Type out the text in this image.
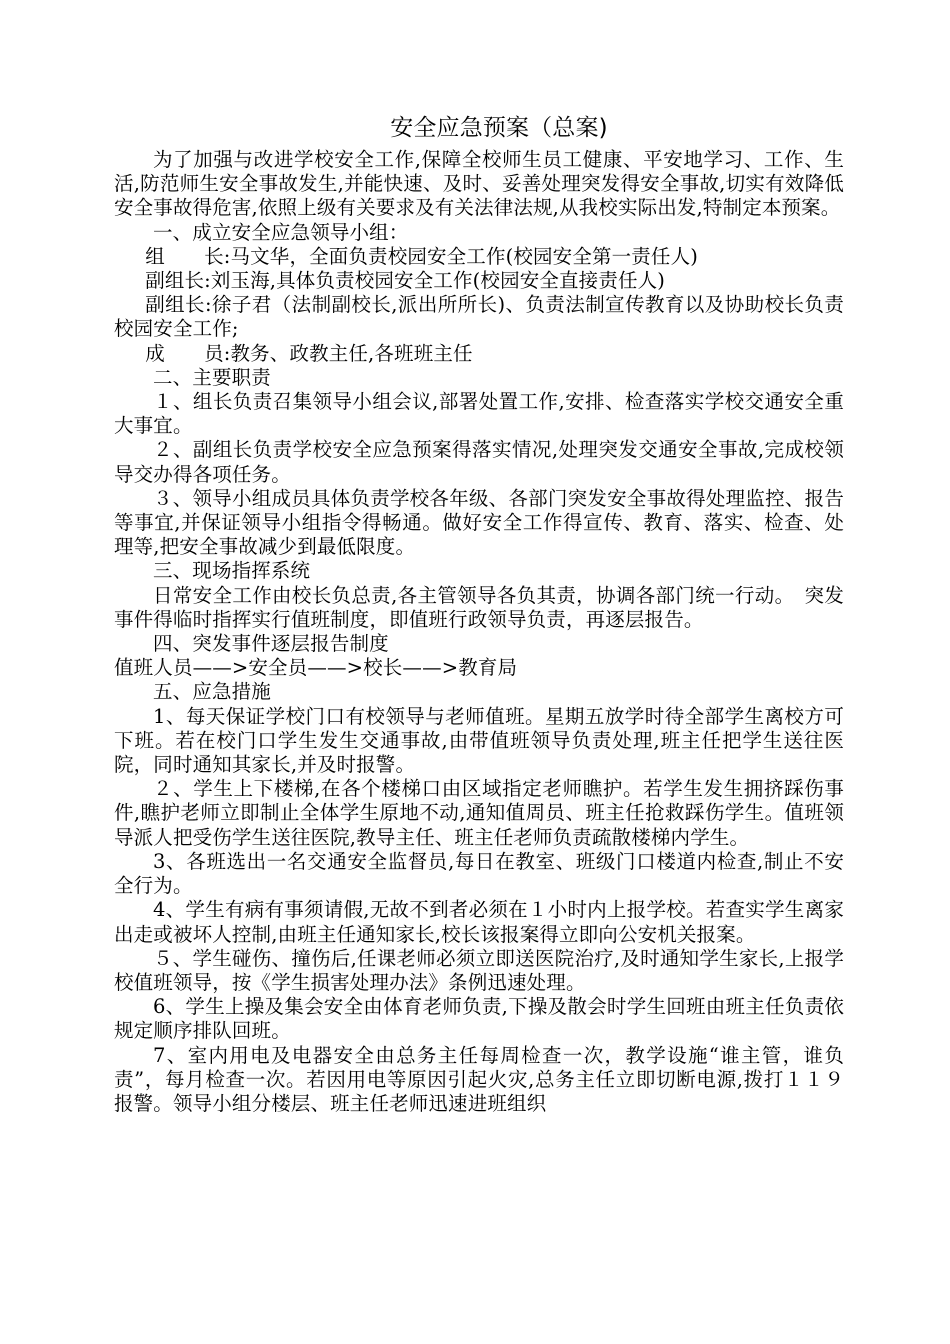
安全应急预案（总案)

为了加强与改进学校安全工作,保障全校师生员工健康、平安地学习、工作、生活,防范师生安全事故发生,并能快速、及时、妥善处理突发得安全事故,切实有效降低安全事故得危害,依照上级有关要求及有关法律法规,从我校实际出发,特制定本预案。

一、成立安全应急领导小组：

组　　长:马文华，全面负责校园安全工作(校园安全第一责任人)

副组长:刘玉海,具体负责校园安全工作(校园安全直接责任人)

副组长:徐子君（法制副校长,派出所所长)、负责法制宣传教育以及协助校长负责校园安全工作;

成　　员:教务、政教主任,各班班主任

二、主要职责

１、组长负责召集领导小组会议,部署处置工作,安排、检查落实学校交通安全重大事宜。

２、副组长负责学校安全应急预案得落实情况,处理突发交通安全事故,完成校领导交办得各项任务。

３、领导小组成员具体负责学校各年级、各部门突发安全事故得处理监控、报告等事宜,并保证领导小组指令得畅通。做好安全工作得宣传、教育、落实、检查、处理等,把安全事故减少到最低限度。

三、现场指挥系统

日常安全工作由校长负总责,各主管领导各负其责，协调各部门统一行动。　突发事件得临时指挥实行值班制度，即值班行政领导负责，再逐层报告。

四、突发事件逐层报告制度

值班人员——>安全员——>校长——>教育局

五、应急措施

1、每天保证学校门口有校领导与老师值班。星期五放学时待全部学生离校方可下班。若在校门口学生发生交通事故,由带值班领导负责处理,班主任把学生送往医院，同时通知其家长,并及时报警。

２、学生上下楼梯,在各个楼梯口由区域指定老师瞧护。若学生发生拥挤踩伤事件,瞧护老师立即制止全体学生原地不动,通知值周员、班主任抢救踩伤学生。值班领导派人把受伤学生送往医院,教导主任、班主任老师负责疏散楼梯内学生。

3、各班选出一名交通安全监督员,每日在教室、班级门口楼道内检查,制止不安全行为。

4、学生有病有事须请假,无故不到者必须在１小时内上报学校。若查实学生离家出走或被坏人控制,由班主任通知家长,校长该报案得立即向公安机关报案。

５、学生碰伤、撞伤后,任课老师必须立即送医院治疗,及时通知学生家长,上报学校值班领导，按《学生损害处理办法》条例迅速处理。

6、学生上操及集会安全由体育老师负责,下操及散会时学生回班由班主任负责依规定顺序排队回班。

7、室内用电及电器安全由总务主任每周检查一次，教学设施“谁主管，谁负责”，每月检查一次。若因用电等原因引起火灾,总务主任立即切断电源,拨打１１９报警。领导小组分楼层、班主任老师迅速进班组织
